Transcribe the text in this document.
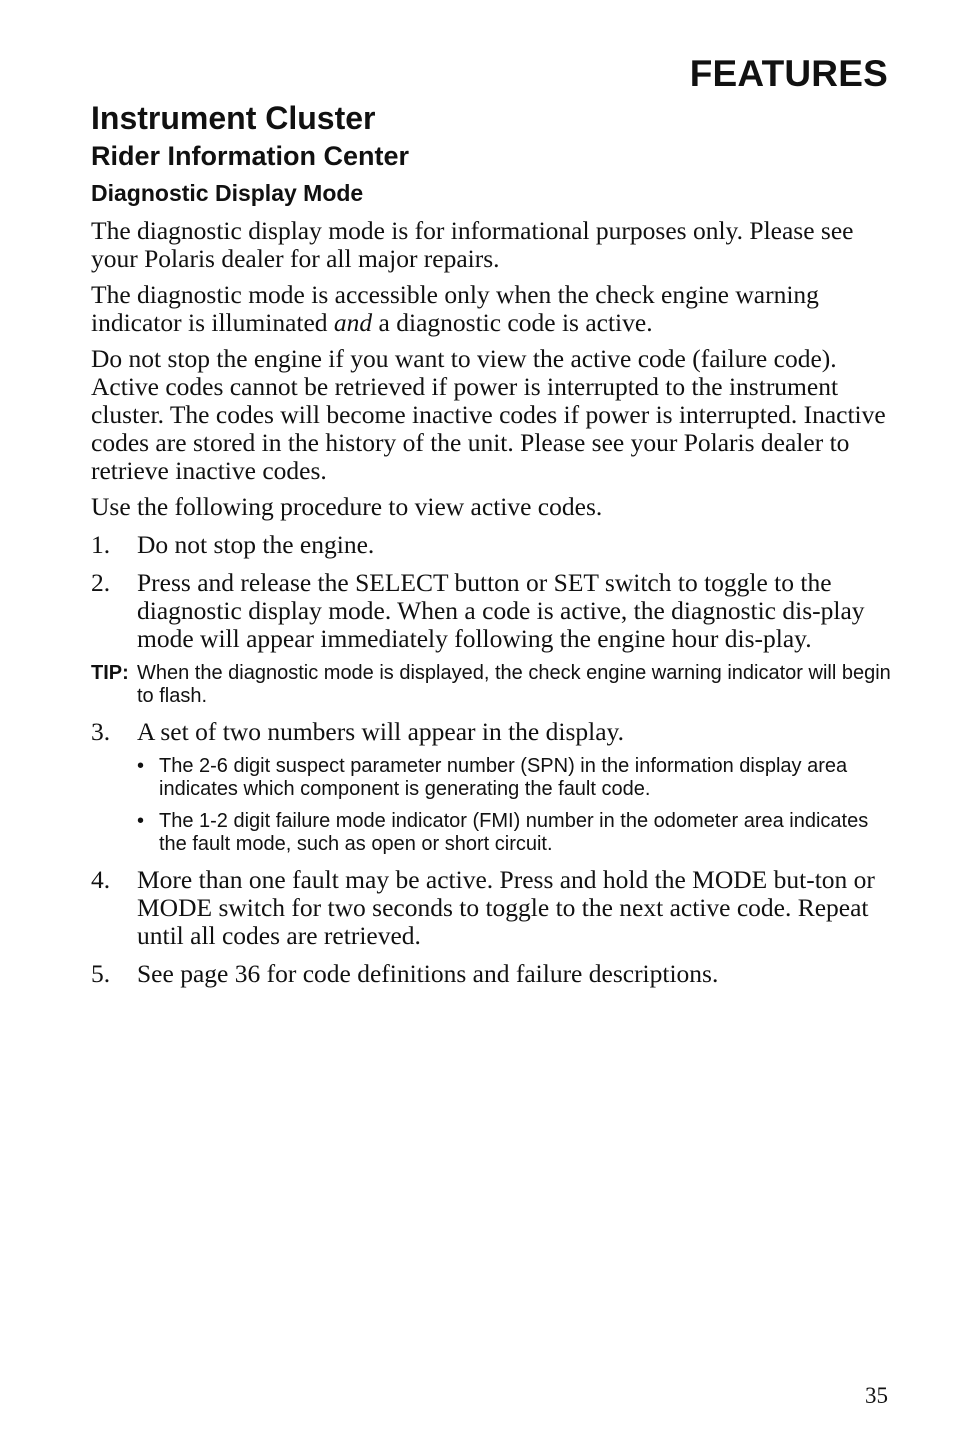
FEATURES
Instrument Cluster
Rider Information Center
Diagnostic Display Mode

The diagnostic display mode is for informational purposes only. Please see your Polaris dealer for all major repairs.

The diagnostic mode is accessible only when the check engine warning indicator is illuminated and a diagnostic code is active.

Do not stop the engine if you want to view the active code (failure code). Active codes cannot be retrieved if power is interrupted to the instrument cluster. The codes will become inactive codes if power is interrupted. Inactive codes are stored in the history of the unit. Please see your Polaris dealer to retrieve inactive codes.

Use the following procedure to view active codes.

1. Do not stop the engine.
2. Press and release the SELECT button or SET switch to toggle to the diagnostic display mode. When a code is active, the diagnostic dis-play mode will appear immediately following the engine hour dis-play.
TIP: When the diagnostic mode is displayed, the check engine warning indicator will begin to flash.
3. A set of two numbers will appear in the display.
• The 2-6 digit suspect parameter number (SPN) in the information display area indicates which component is generating the fault code.
• The 1-2 digit failure mode indicator (FMI) number in the odometer area indicates the fault mode, such as open or short circuit.
4. More than one fault may be active. Press and hold the MODE but-ton or MODE switch for two seconds to toggle to the next active code. Repeat until all codes are retrieved.
5. See page 36 for code definitions and failure descriptions.
35
